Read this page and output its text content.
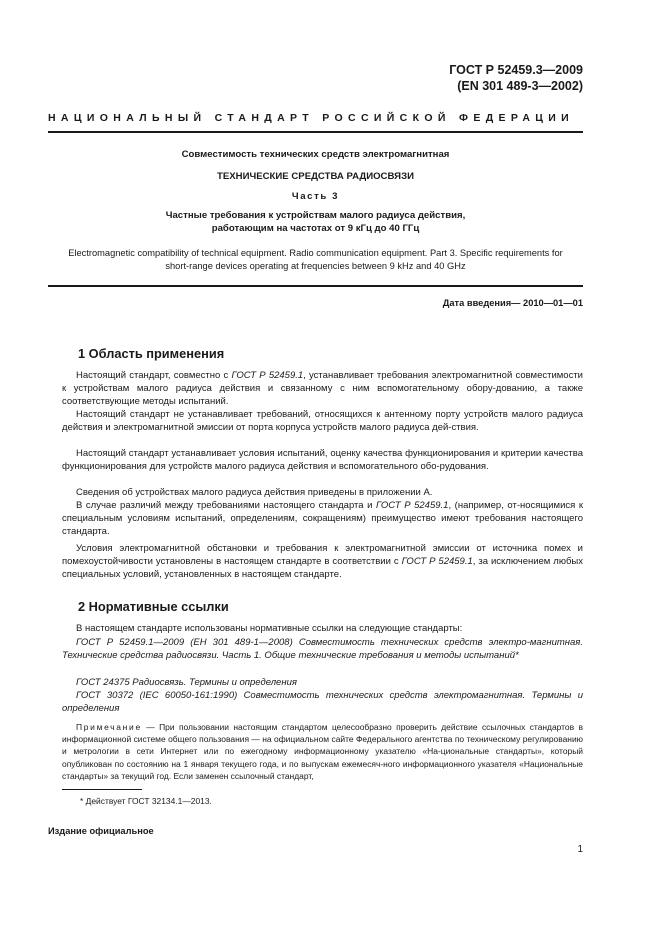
ГОСТ Р 52459.3—2009
(EN 301 489-3—2002)
НАЦИОНАЛЬНЫЙ СТАНДАРТ РОССИЙСКОЙ ФЕДЕРАЦИИ
Совместимость технических средств электромагнитная
ТЕХНИЧЕСКИЕ СРЕДСТВА РАДИОСВЯЗИ
Часть 3
Частные требования к устройствам малого радиуса действия,
работающим на частотах от 9 кГц до 40 ГГц
Electromagnetic compatibility of technical equipment. Radio communication equipment. Part 3. Specific requirements for
short-range devices operating at frequencies between 9 kHz and 40 GHz
Дата введения— 2010—01—01
1 Область применения

Настоящий стандарт, совместно с ГОСТ Р 52459.1, устанавливает требования электромагнитной совместимости к устройствам малого радиуса действия и связанному с ним вспомогательному обору-дованию, а также соответствующие методы испытаний.

Настоящий стандарт не устанавливает требований, относящихся к антенному порту устройств малого радиуса действия и электромагнитной эмиссии от порта корпуса устройств малого радиуса дей-ствия.

Настоящий стандарт устанавливает условия испытаний, оценку качества функционирования и критерии качества функционирования для устройств малого радиуса действия и вспомогательного обо-рудования.

Сведения об устройствах малого радиуса действия приведены в приложении А.

В случае различий между требованиями настоящего стандарта и ГОСТ Р 52459.1, (например, от-носящимися к специальным условиям испытаний, определениям, сокращениям) преимущество имеют требования настоящего стандарта.

Условия электромагнитной обстановки и требования к электромагнитной эмиссии от источника помех и помехоустойчивости установлены в настоящем стандарте в соответствии с ГОСТ Р 52459.1, за исключением любых специальных условий, установленных в настоящем стандарте.

2 Нормативные ссылки

В настоящем стандарте использованы нормативные ссылки на следующие стандарты:

ГОСТ Р 52459.1—2009 (ЕН 301 489-1—2008) Совместимость технических средств электро-магнитная. Технические средства радиосвязи. Часть 1. Общие технические требования и методы испытаний*

ГОСТ 24375 Радиосвязь. Термины и определения

ГОСТ 30372 (IEC 60050-161:1990) Совместимость технических средств электромагнитная. Термины и определения

Примечание — При пользовании настоящим стандартом целесообразно проверить действие ссылочных стандартов в информационной системе общего пользования — на официальном сайте Федерального агентства по техническому регулированию и метрологии в сети Интернет или по ежегодному информационному указателю «На-циональные стандарты», который опубликован по состоянию на 1 января текущего года, и по выпускам ежемесяч-ного информационного указателя «Национальные стандарты» за текущий год. Если заменен ссылочный стандарт,

* Действует ГОСТ 32134.1—2013.
Издание официальное
1
